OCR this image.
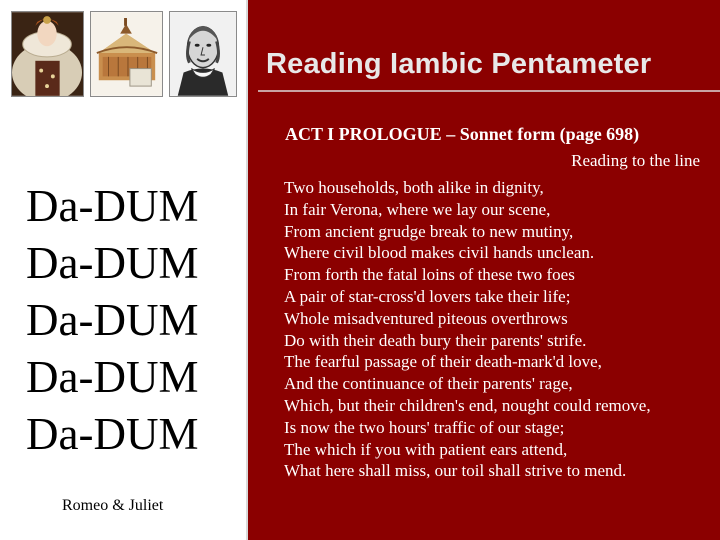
Da-DUM
Da-DUM
Da-DUM
Da-DUM
Da-DUM
Romeo & Juliet
Reading Iambic Pentameter
ACT I PROLOGUE – Sonnet form (page 698)
Reading to the line
Two households, both alike in dignity,
In fair Verona, where we lay our scene,
From ancient grudge break to new mutiny,
Where civil blood makes civil hands unclean.
From forth the fatal loins of these two foes
A pair of star-cross'd lovers take their life;
Whole misadventured piteous overthrows
Do with their death bury their parents' strife.
The fearful passage of their death-mark'd love,
And the continuance of their parents' rage,
Which, but their children's end, nought could remove,
Is now the two hours' traffic of our stage;
The which if you with patient ears attend,
What here shall miss, our toil shall strive to mend.
